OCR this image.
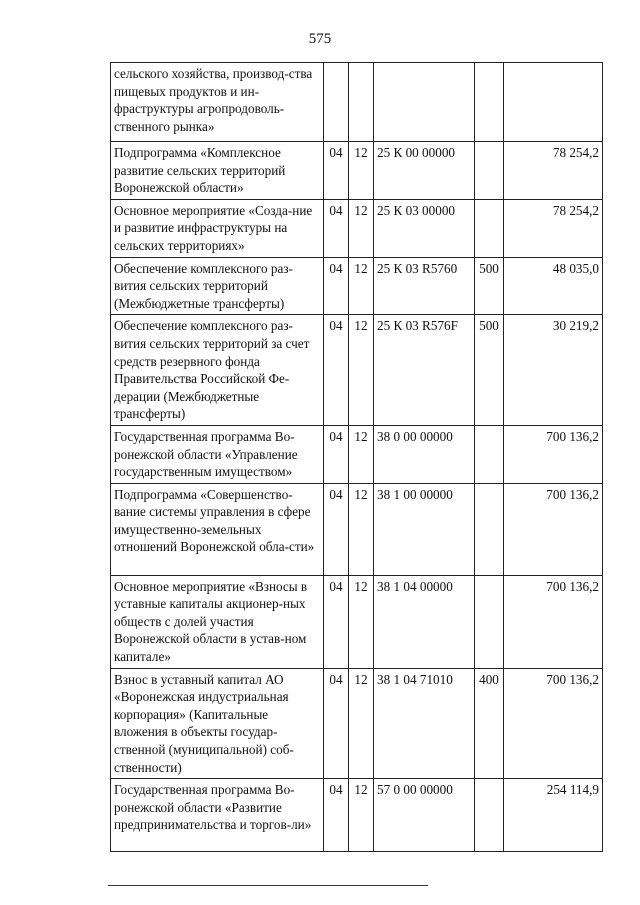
575
сельского хозяйства, производ-ства пищевых продуктов и ин-фраструктуры агропродоволь-ственного рынка»					
Подпрограмма «Комплексное развитие сельских территорий Воронежской области»	04	12	25 К 00 00000		78 254,2
Основное мероприятие «Созда-ние и развитие инфраструктуры на сельских территориях»	04	12	25 К 03 00000		78 254,2
Обеспечение комплексного раз-вития сельских территорий (Межбюджетные трансферты)	04	12	25 К 03 R5760	500	48 035,0
Обеспечение комплексного раз-вития сельских территорий за счет средств резервного фонда Правительства Российской Фе-дерации (Межбюджетные трансферты)	04	12	25 К 03 R576F	500	30 219,2
Государственная программа Во-ронежской области «Управление государственным имуществом»	04	12	38 0 00 00000		700 136,2
Подпрограмма «Совершенство-вание системы управления в сфере имущественно-земельных отношений Воронежской обла-сти»	04	12	38 1 00 00000		700 136,2
Основное мероприятие «Взносы в уставные капиталы акционер-ных обществ с долей участия Воронежской области в устав-ном капитале»	04	12	38 1 04 00000		700 136,2
Взнос в уставный капитал АО «Воронежская индустриальная корпорация» (Капитальные вложения в объекты государ-ственной (муниципальной) соб-ственности)	04	12	38 1 04 71010	400	700 136,2
Государственная программа Во-ронежской области «Развитие предпринимательства и торгов-ли»	04	12	57 0 00 00000		254 114,9
